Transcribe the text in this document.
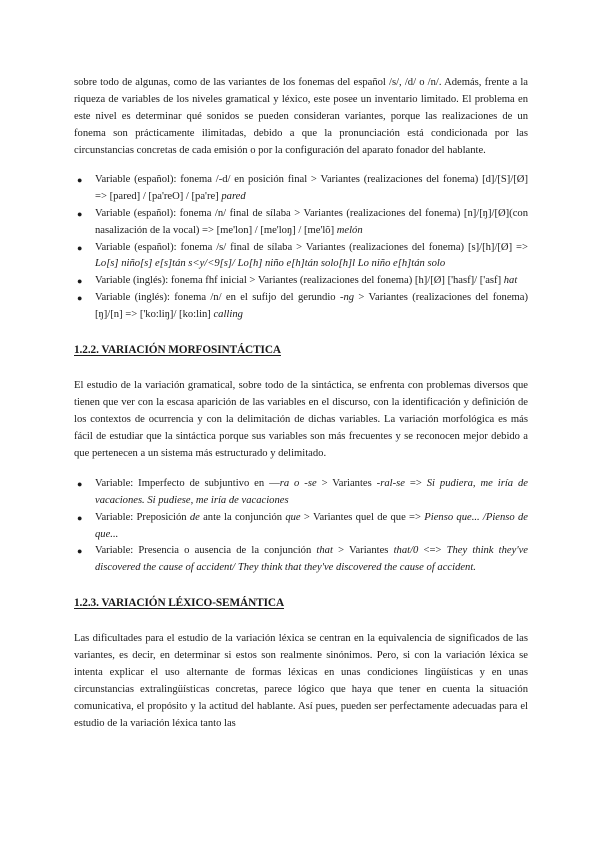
sobre todo de algunas, como de las variantes de los fonemas del español /s/, /d/ o /n/. Además, frente a la riqueza de variables de los niveles gramatical y léxico, este posee un inventario limitado. El problema en este nivel es determinar qué sonidos se pueden consideran variantes, porque las realizaciones de un fonema son prácticamente ilimitadas, debido a que la pronunciación está condicionada por las circunstancias concretas de cada emisión o por la configuración del aparato fonador del hablante.

● Variable (español): fonema /-d/ en posición final > Variantes (realizaciones del fonema) [d]/[S]/[Ø] => [pared] / [pa'reO] / [pa're] pared
● Variable (español): fonema /n/ final de sílaba > Variantes (realizaciones del fonema) [n]/[ŋ]/[Ø](con nasalización de la vocal) => [me'lon] / [me'loŋ] / [me'lõ] melón
● Variable (español): fonema /s/ final de sílaba > Variantes (realizaciones del fonema) [s]/[h]/[Ø] => Lo[s] niño[s] e[s]tán s<y/<9[s]/ Lo[h] niño e[h]tán solo[h]l Lo niño e[h]tán solo
● Variable (inglés): fonema fhf inicial > Variantes (realizaciones del fonema) [h]/[Ø] ['hasf]/ ['asf] hat
● Variable (inglés): fonema /n/ en el sufijo del gerundio -ng > Variantes (realizaciones del fonema) [ŋ]/[n] => ['ko:liŋ]/ [ko:lin] calling
1.2.2. VARIACIÓN MORFOSINTÁCTICA

El estudio de la variación gramatical, sobre todo de la sintáctica, se enfrenta con problemas diversos que tienen que ver con la escasa aparición de las variables en el discurso, con la identificación y definición de los contextos de ocurrencia y con la delimitación de dichas variables. La variación morfológica es más fácil de estudiar que la sintáctica porque sus variables son más frecuentes y se reconocen mejor debido a que pertenecen a un sistema más estructurado y delimitado.

● Variable: Imperfecto de subjuntivo en —ra o -se > Variantes -ral-se => Si pudiera, me iría de vacaciones. Si pudiese, me iría de vacaciones
● Variable: Preposición de ante la conjunción que > Variantes quel de que => Pienso que... /Pienso de que...
● Variable: Presencia o ausencia de la conjunción that > Variantes that/0 <=> They think they've discovered the cause of accident/ They think that they've discovered the cause of accident.
1.2.3. VARIACIÓN LÉXICO-SEMÁNTICA

Las dificultades para el estudio de la variación léxica se centran en la equivalencia de significados de las variantes, es decir, en determinar si estos son realmente sinónimos. Pero, si con la variación léxica se intenta explicar el uso alternante de formas léxicas en unas condiciones lingüísticas y en unas circunstancias extralingüísticas concretas, parece lógico que haya que tener en cuenta la situación comunicativa, el propósito y la actitud del hablante. Así pues, pueden ser perfectamente adecuadas para el estudio de la variación léxica tanto las
